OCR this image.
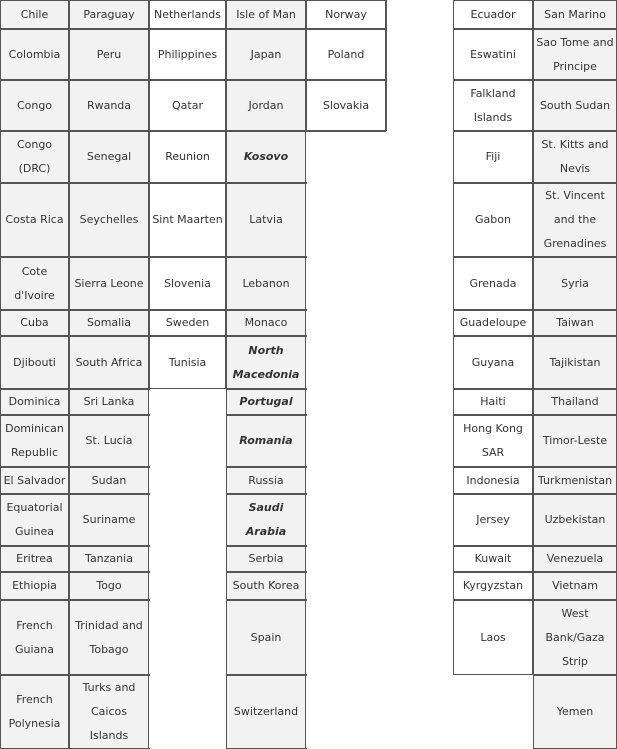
Chile
Colombia
Congo
Congo (DRC)
Costa Rica
Cote d'Ivoire
Cuba
Djibouti
Dominica
Dominican Republic
El Salvador
Equatorial Guinea
Eritrea
Ethiopia
French Guiana
French Polynesia
Paraguay
Peru
Rwanda
Senegal
Seychelles
Sierra Leone
Somalia
South Africa
Sri Lanka
St. Lucia
Sudan
Suriname
Tanzania
Togo
Trinidad and Tobago
Turks and Caicos Islands
Netherlands
Philippines
Qatar
Reunion
Sint Maarten
Slovenia
Sweden
Tunisia
Isle of Man
Japan
Jordan
Kosovo
Latvia
Lebanon
Monaco
North Macedonia
Portugal
Romania
Russia
Saudi Arabia
Serbia
South Korea
Spain
Switzerland
Norway
Poland
Slovakia
Ecuador
Eswatini
Falkland Islands
Fiji
Gabon
Grenada
Guadeloupe
Guyana
Haiti
Hong Kong SAR
Indonesia
Jersey
Kuwait
Kyrgyzstan
Laos
San Marino
Sao Tome and Principe
South Sudan
St. Kitts and Nevis
St. Vincent and the Grenadines
Syria
Taiwan
Tajikistan
Thailand
Timor-Leste
Turkmenistan
Uzbekistan
Venezuela
Vietnam
West Bank/Gaza Strip
Yemen
